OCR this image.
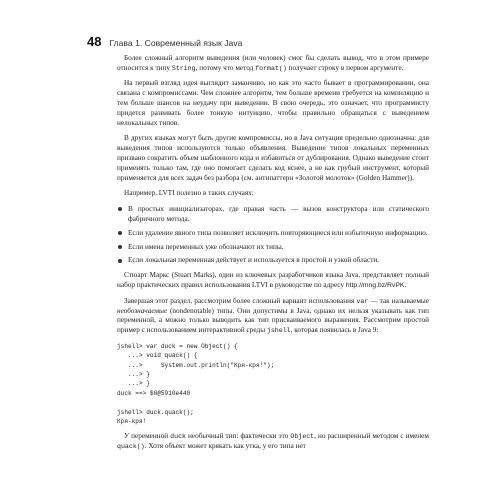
48 Глава 1. Современный язык Java

Более сложный алгоритм выведения (или человек) смог бы сделать вывод, что в этом примере относится к типу String, потому что метод format() получает строку в первом аргументе.

На первый взгляд идея выглядит заманчиво, но как это часто бывает в программировании, она связана с компромиссами. Чем сложнее алгоритм, тем больше времени требуется на компиляцию и тем больше шансов на неудачу при выведении. В свою очередь, это означает, что программисту придется развивать более тонкую интуицию, чтобы правильно обращаться с выведением нелокальных типов.

В других языках могут быть другие компромиссы, но в Java ситуация предельно однозначна: для выведения типов используются только объявления. Выведение типов локальных переменных призвано сократить объем шаблонного кода и избавиться от дублирования. Однако выведение стоит применять только там, где оно помогает сделать код яснее, а не как грубый инструмент, который применяется для всех задач без разбора (см. антипаттерн «Золотой молоток» (Golden Hammer)).

Например, LVTI полезно в таких случаях:

В простых инициализаторах, где правая часть — вызов конструктора или статического фабричного метода.
Если удаление явного типа позволяет исключить повторяющиеся или избыточную информацию.
Если имена переменных уже обозначают их типы.
Если локальная переменная действует и используется в простой и узкой области.

Стюарт Маркс (Stuart Marks), один из ключевых разработчиков языка Java, представляет полный набор практических правил использования LTVI в руководстве по адресу http://mng.bz/RvPK.

Завершая этот раздел, рассмотрим более сложный вариант использования var — так называемые необозначаемые (nondenotable) типы. Они допустимы в Java, однако их нельзя указывать как тип переменной, а можно только выводить как тип присваиваемого выражения. Рассмотрим простой пример с использованием интерактивной среды jshell, которая появилась в Java 9:

jshell> var duck = new Object() {
...> void quack() {
...>     System.out.println("Кря-кря!");
...> }
...> }
duck ==> $0@5910e440

jshell> duck.quack();
Кря-кря!

У переменной duck необычный тип: фактически это Object, но расширенный методом с именем quack(). Хотя объект может крякать как утка, у его типа нет
